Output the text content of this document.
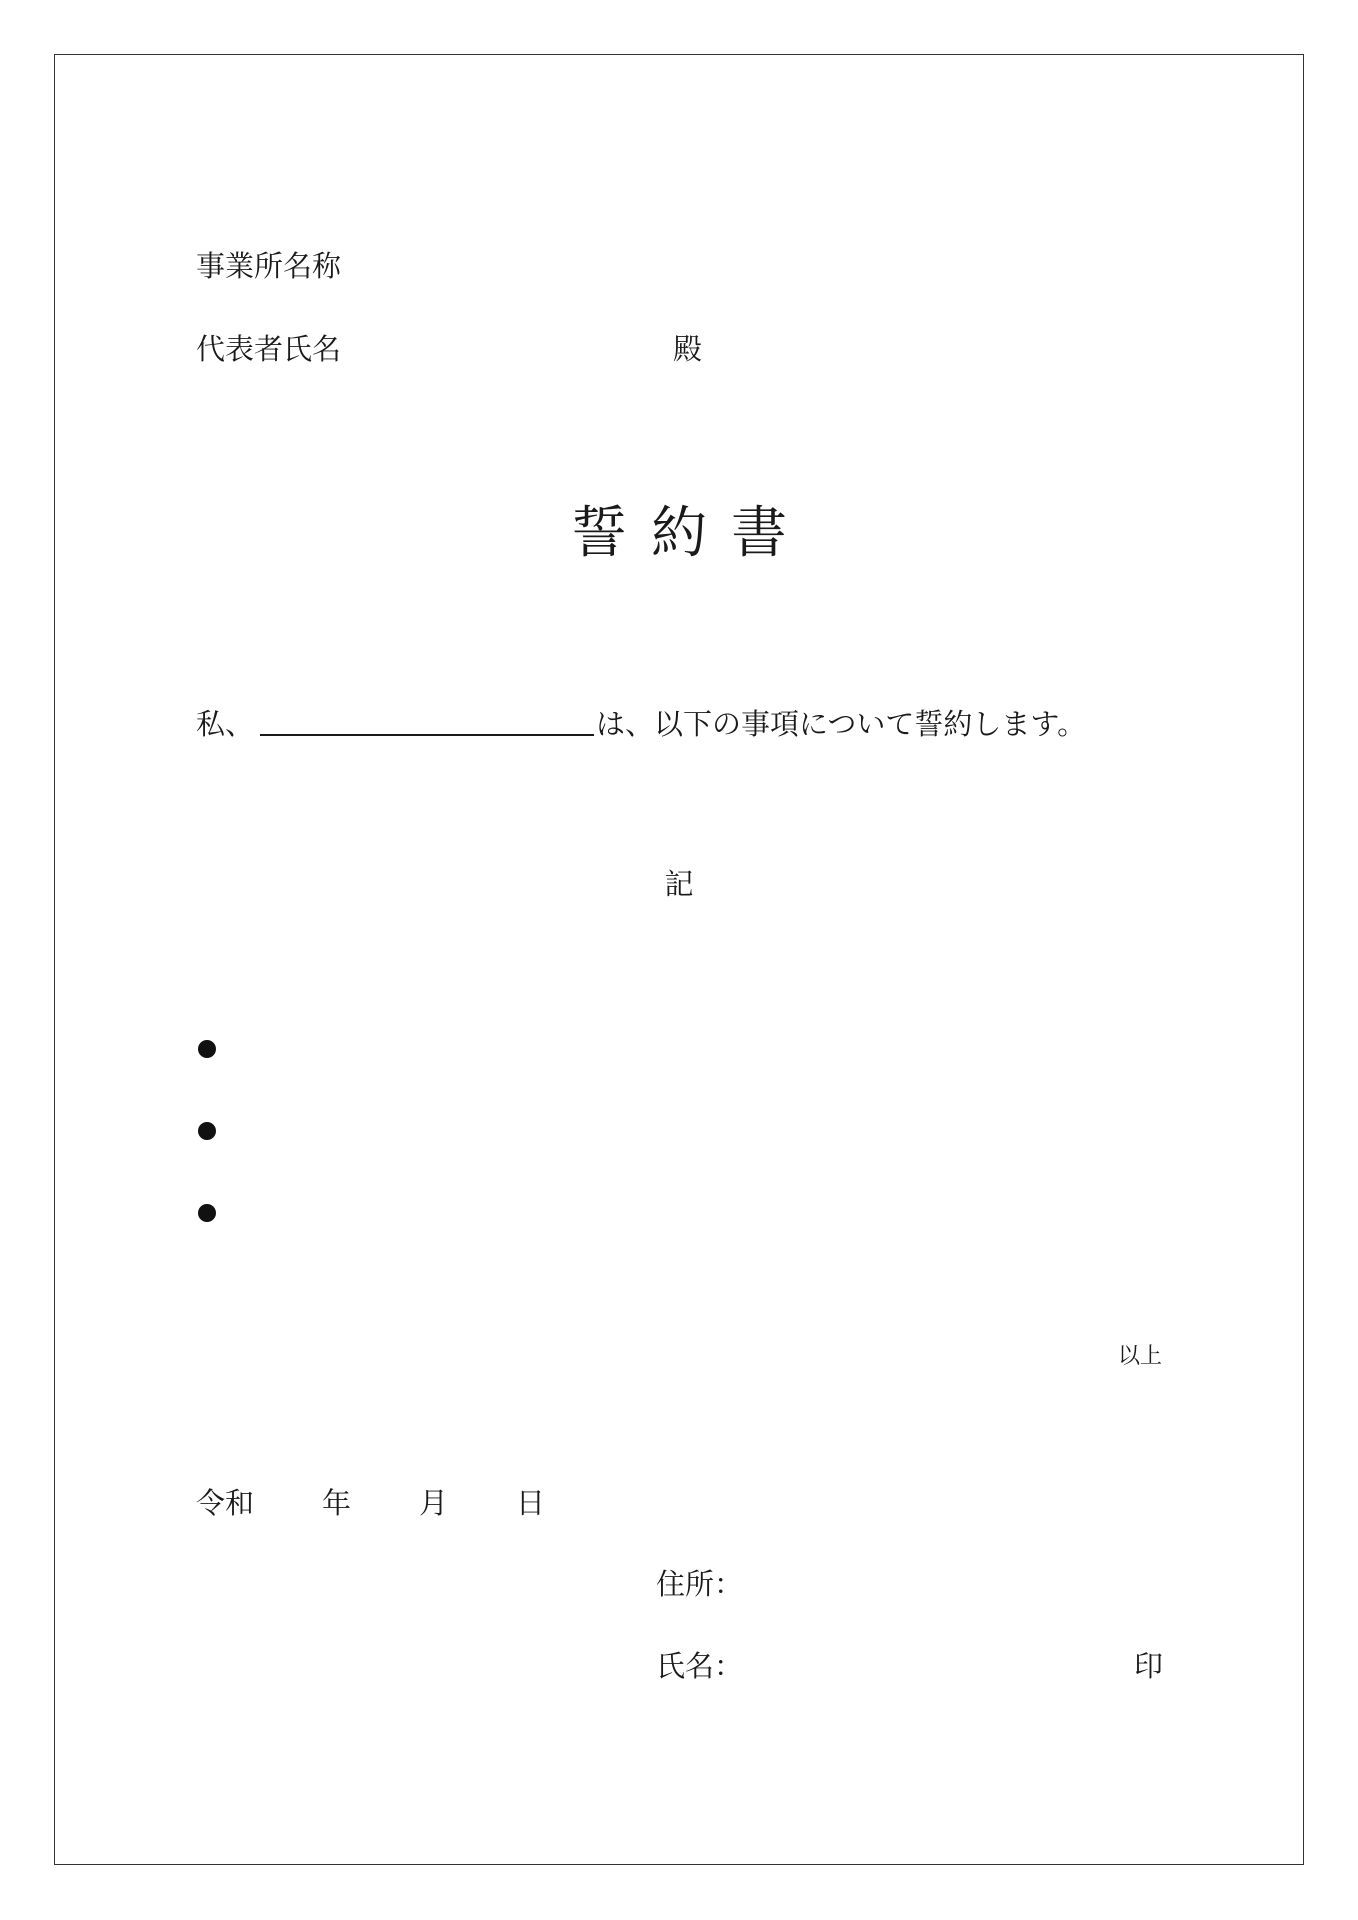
事業所名称
代表者氏名	殿
誓約書
私、	は、以下の事項について誓約します。
記
以上
令和 年 月 日
住所：
氏名：	印
